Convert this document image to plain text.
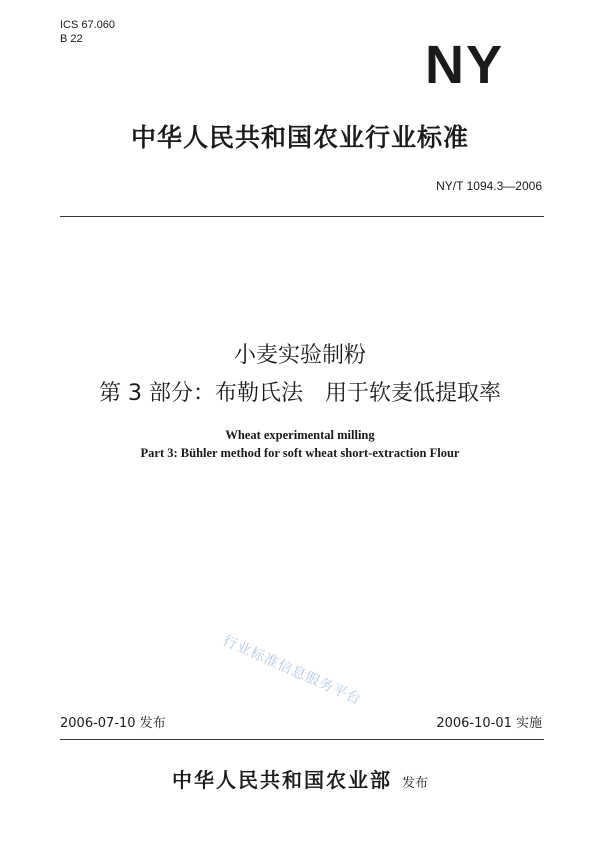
ICS 67.060
B 22	NY
中华人民共和国农业行业标准
NY/T 1094.3—2006
小麦实验制粉
第 3 部分：布勒氏法　用于软麦低提取率
Wheat experimental milling
Part 3: Bühler method for soft wheat short-extraction Flour
行业标准信息服务平台
2006-07-10 发布	2006-10-01 实施
中华人民共和国农业部 发布
